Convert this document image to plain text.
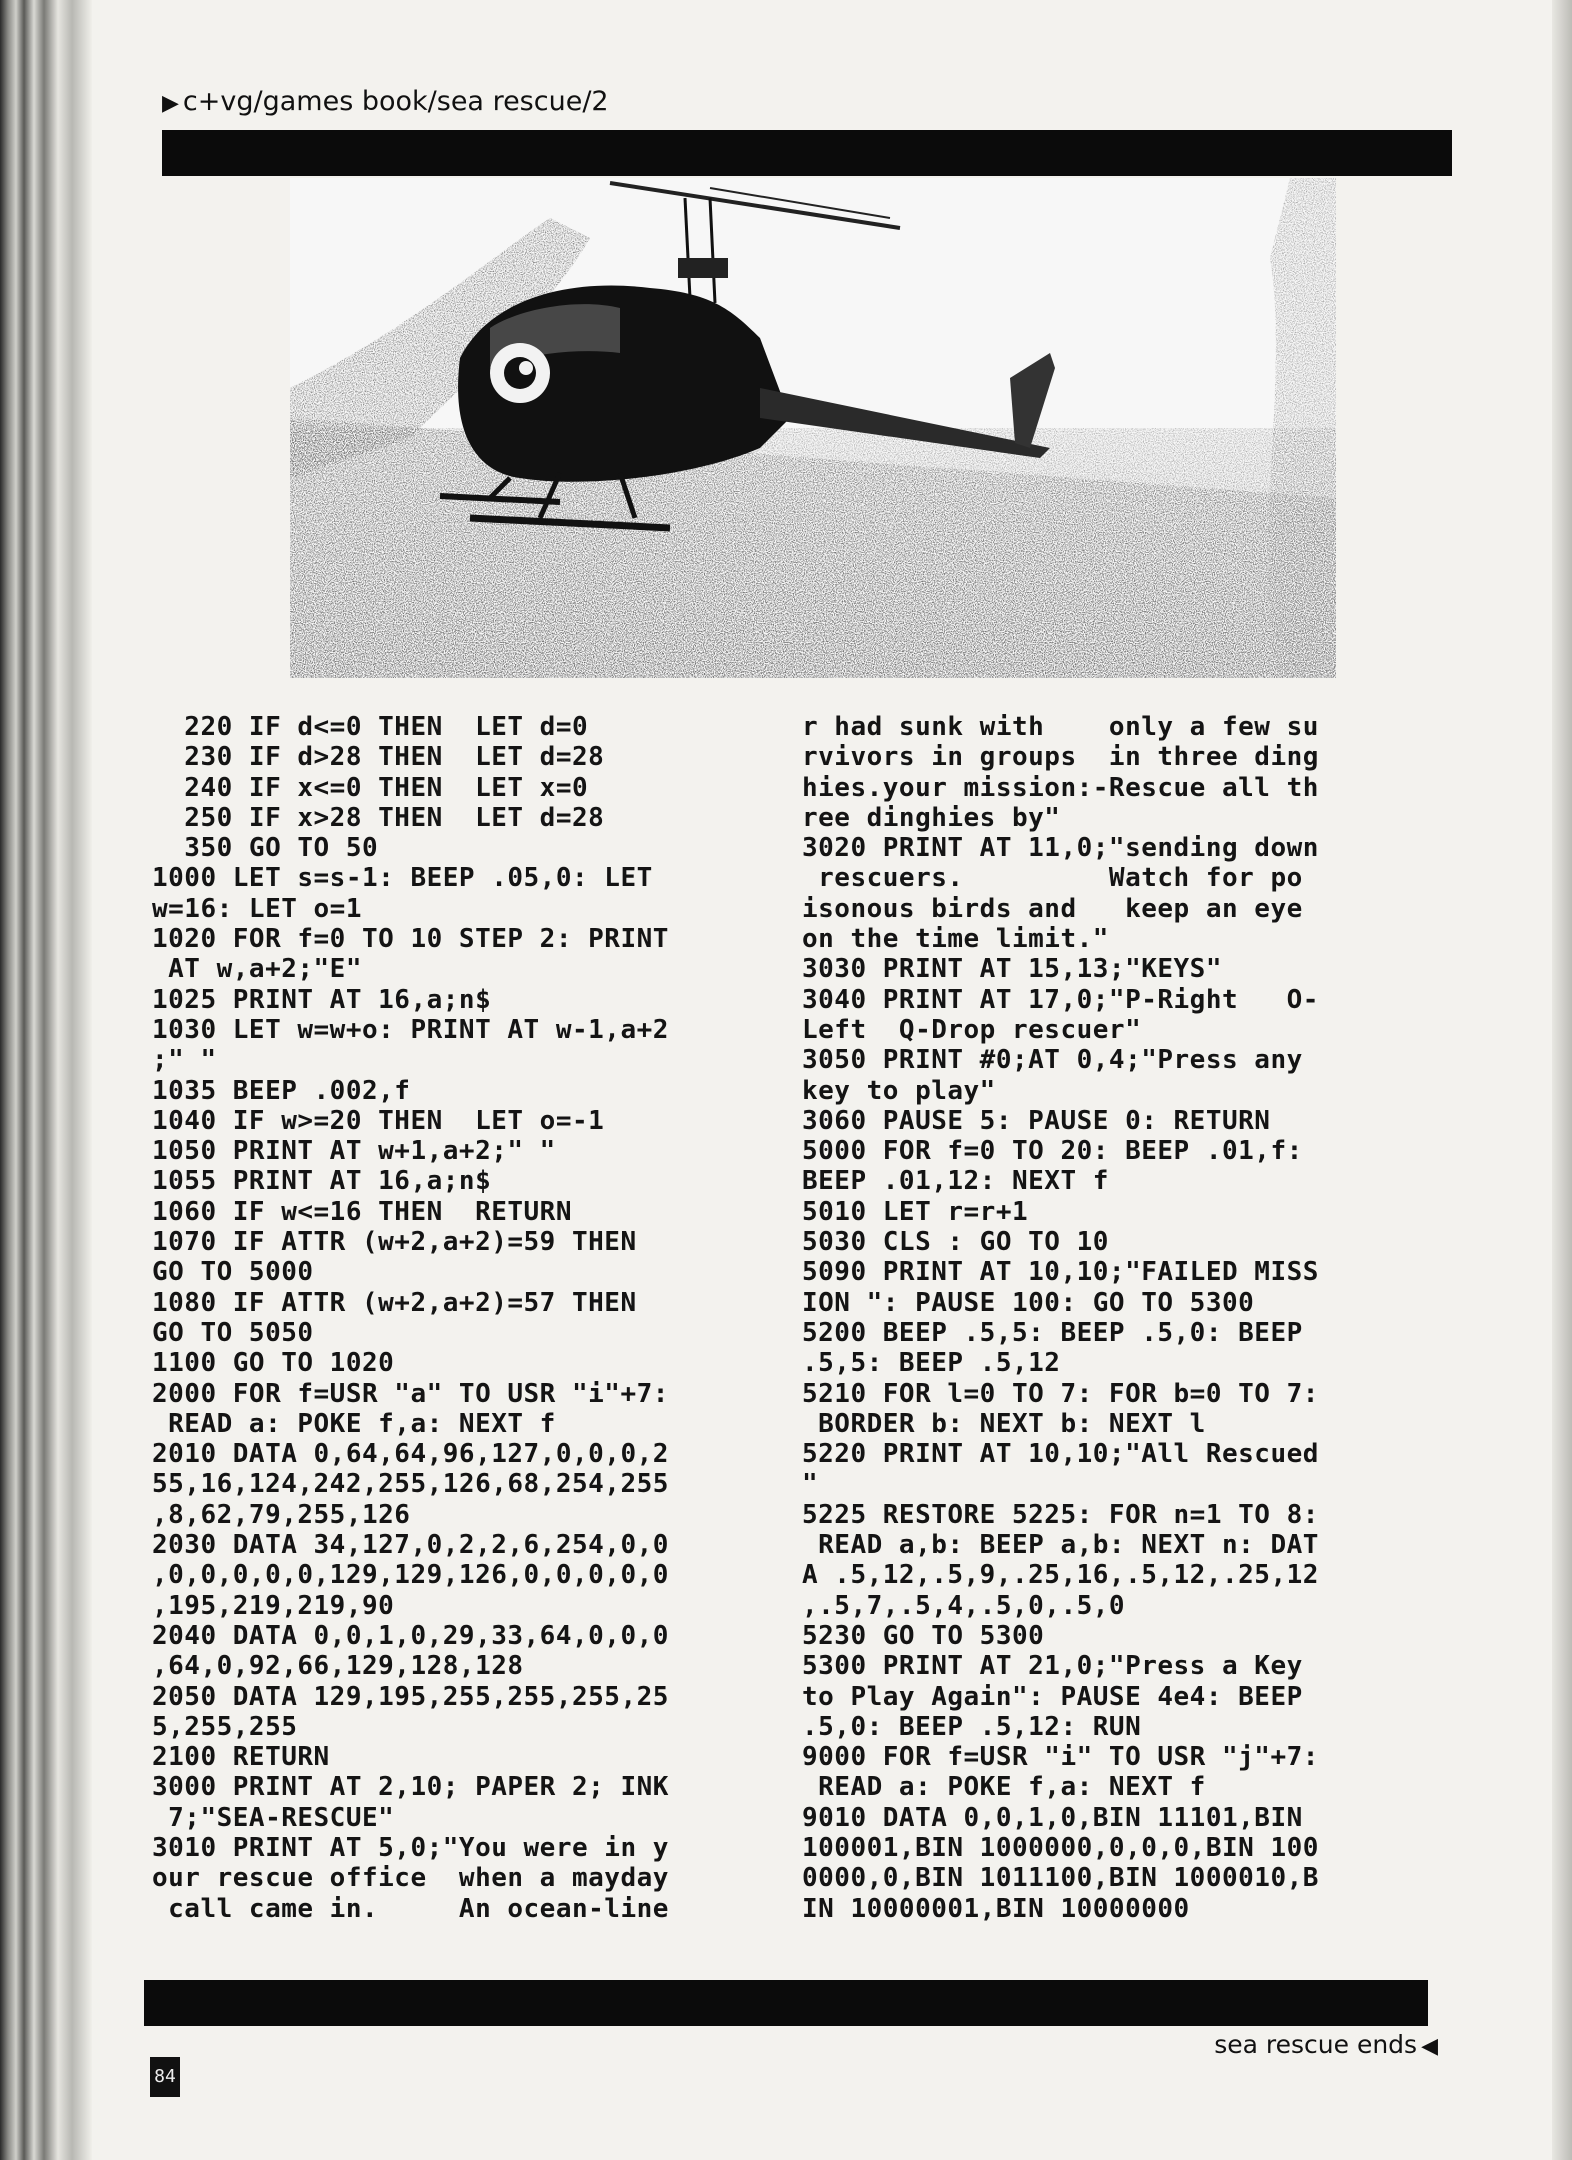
▶ c+vg/games book/sea rescue/2
220 IF d<=0 THEN  LET d=0
230 IF d>28 THEN  LET d=28
240 IF x<=0 THEN  LET x=0
250 IF x>28 THEN  LET d=28
350 GO TO 50
1000 LET s=s-1: BEEP .05,0: LET
w=16: LET o=1
1020 FOR f=0 TO 10 STEP 2: PRINT
AT w,a+2;"E"
1025 PRINT AT 16,a;n$
1030 LET w=w+o: PRINT AT w-1,a+2
;" "
1035 BEEP .002,f
1040 IF w>=20 THEN  LET o=-1
1050 PRINT AT w+1,a+2;" "
1055 PRINT AT 16,a;n$
1060 IF w<=16 THEN  RETURN
1070 IF ATTR (w+2,a+2)=59 THEN
GO TO 5000
1080 IF ATTR (w+2,a+2)=57 THEN
GO TO 5050
1100 GO TO 1020
2000 FOR f=USR "a" TO USR "i"+7:
READ a: POKE f,a: NEXT f
2010 DATA 0,64,64,96,127,0,0,0,2
55,16,124,242,255,126,68,254,255
,8,62,79,255,126
2030 DATA 34,127,0,2,2,6,254,0,0
,0,0,0,0,0,129,129,126,0,0,0,0,0
,195,219,219,90
2040 DATA 0,0,1,0,29,33,64,0,0,0
,64,0,92,66,129,128,128
2050 DATA 129,195,255,255,255,25
5,255,255
2100 RETURN
3000 PRINT AT 2,10; PAPER 2; INK
7;"SEA-RESCUE"
3010 PRINT AT 5,0;"You were in y
our rescue office  when a mayday
call came in.     An ocean-line
r had sunk with    only a few su
rvivors in groups  in three ding
hies.your mission:-Rescue all th
ree dinghies by"
3020 PRINT AT 11,0;"sending down
rescuers.         Watch for po
isonous birds and   keep an eye
on the time limit."
3030 PRINT AT 15,13;"KEYS"
3040 PRINT AT 17,0;"P-Right   O-
Left  Q-Drop rescuer"
3050 PRINT #0;AT 0,4;"Press any
key to play"
3060 PAUSE 5: PAUSE 0: RETURN
5000 FOR f=0 TO 20: BEEP .01,f:
BEEP .01,12: NEXT f
5010 LET r=r+1
5030 CLS : GO TO 10
5090 PRINT AT 10,10;"FAILED MISS
ION ": PAUSE 100: GO TO 5300
5200 BEEP .5,5: BEEP .5,0: BEEP
.5,5: BEEP .5,12
5210 FOR l=0 TO 7: FOR b=0 TO 7:
BORDER b: NEXT b: NEXT l
5220 PRINT AT 10,10;"All Rescued
"
5225 RESTORE 5225: FOR n=1 TO 8:
READ a,b: BEEP a,b: NEXT n: DAT
A .5,12,.5,9,.25,16,.5,12,.25,12
,.5,7,.5,4,.5,0,.5,0
5230 GO TO 5300
5300 PRINT AT 21,0;"Press a Key
to Play Again": PAUSE 4e4: BEEP
.5,0: BEEP .5,12: RUN
9000 FOR f=USR "i" TO USR "j"+7:
READ a: POKE f,a: NEXT f
9010 DATA 0,0,1,0,BIN 11101,BIN
100001,BIN 1000000,0,0,0,BIN 100
0000,0,BIN 1011100,BIN 1000010,B
IN 10000001,BIN 10000000
sea rescue ends ◀
84
